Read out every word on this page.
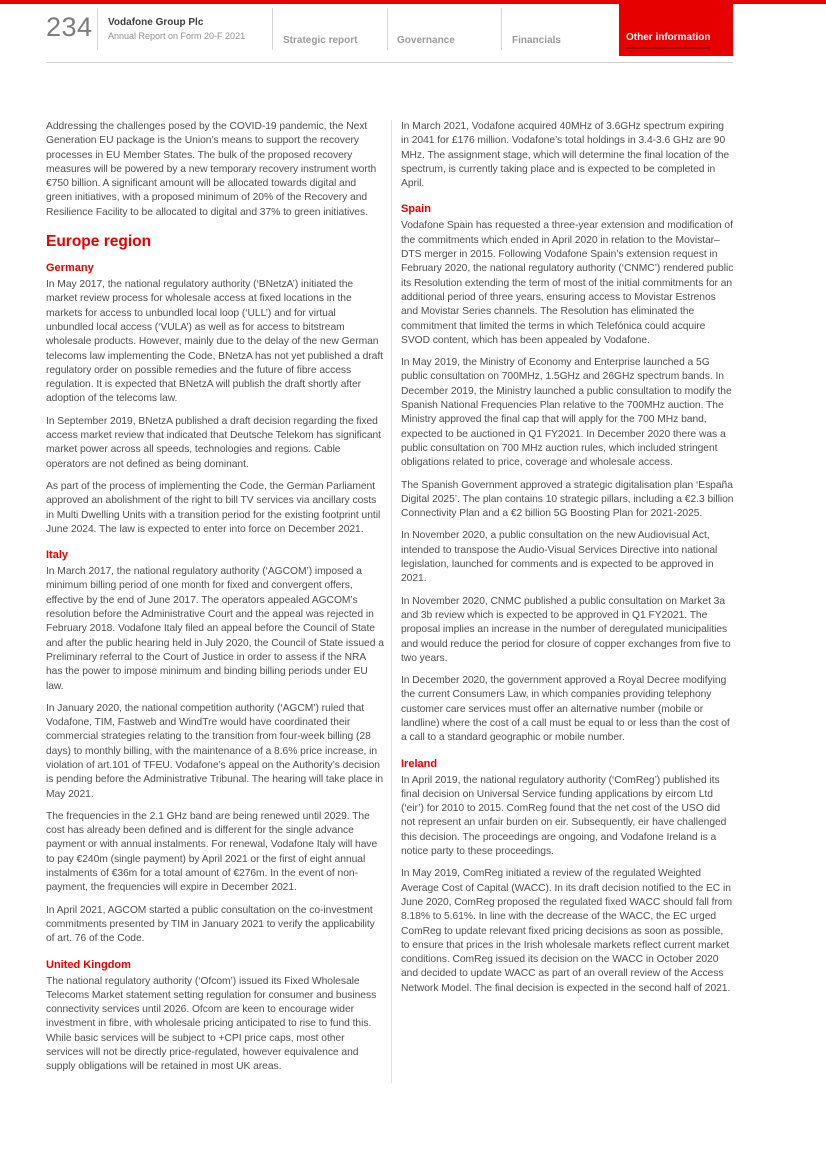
234 Vodafone Group Plc
Annual Report on Form 20-F 2021	Strategic report	Governance	Financials	Other information

Addressing the challenges posed by the COVID-19 pandemic, the Next Generation EU package is the Union’s means to support the recovery processes in EU Member States. The bulk of the proposed recovery measures will be powered by a new temporary recovery instrument worth €750 billion. A significant amount will be allocated towards digital and green initiatives, with a proposed minimum of 20% of the Recovery and Resilience Facility to be allocated to digital and 37% to green initiatives.

Europe region
Germany

In May 2017, the national regulatory authority (‘BNetzA’) initiated the market review process for wholesale access at fixed locations in the markets for access to unbundled local loop (‘ULL’) and for virtual unbundled local access (‘VULA’) as well as for access to bitstream wholesale products. However, mainly due to the delay of the new German telecoms law implementing the Code, BNetzA has not yet published a draft regulatory order on possible remedies and the future of fibre access regulation. It is expected that BNetzA will publish the draft shortly after adoption of the telecoms law.

In September 2019, BNetzA published a draft decision regarding the fixed access market review that indicated that Deutsche Telekom has significant market power across all speeds, technologies and regions. Cable operators are not defined as being dominant.

As part of the process of implementing the Code, the German Parliament approved an abolishment of the right to bill TV services via ancillary costs in Multi Dwelling Units with a transition period for the existing footprint until June 2024. The law is expected to enter into force on December 2021.

Italy

In March 2017, the national regulatory authority (‘AGCOM’) imposed a minimum billing period of one month for fixed and convergent offers, effective by the end of June 2017. The operators appealed AGCOM’s resolution before the Administrative Court and the appeal was rejected in February 2018. Vodafone Italy filed an appeal before the Council of State and after the public hearing held in July 2020, the Council of State issued a Preliminary referral to the Court of Justice in order to assess if the NRA has the power to impose minimum and binding billing periods under EU law.

In January 2020, the national competition authority (‘AGCM’) ruled that Vodafone, TIM, Fastweb and WindTre would have coordinated their commercial strategies relating to the transition from four-week billing (28 days) to monthly billing, with the maintenance of a 8.6% price increase, in violation of art.101 of TFEU. Vodafone’s appeal on the Authority’s decision is pending before the Administrative Tribunal. The hearing will take place in May 2021.

The frequencies in the 2.1 GHz band are being renewed until 2029. The cost has already been defined and is different for the single advance payment or with annual instalments. For renewal, Vodafone Italy will have to pay €240m (single payment) by April 2021 or the first of eight annual instalments of €36m for a total amount of €276m. In the event of non-payment, the frequencies will expire in December 2021.

In April 2021, AGCOM started a public consultation on the co-investment commitments presented by TIM in January 2021 to verify the applicability of art. 76 of the Code.

United Kingdom

The national regulatory authority (‘Ofcom’) issued its Fixed Wholesale Telecoms Market statement setting regulation for consumer and business connectivity services until 2026. Ofcom are keen to encourage wider investment in fibre, with wholesale pricing anticipated to rise to fund this. While basic services will be subject to +CPI price caps, most other services will not be directly price-regulated, however equivalence and supply obligations will be retained in most UK areas.

In March 2021, Vodafone acquired 40MHz of 3.6GHz spectrum expiring in 2041 for £176 million. Vodafone’s total holdings in 3.4-3.6 GHz are 90 MHz. The assignment stage, which will determine the final location of the spectrum, is currently taking place and is expected to be completed in April.

Spain

Vodafone Spain has requested a three-year extension and modification of the commitments which ended in April 2020 in relation to the Movistar–DTS merger in 2015. Following Vodafone Spain’s extension request in February 2020, the national regulatory authority (‘CNMC’) rendered public its Resolution extending the term of most of the initial commitments for an additional period of three years, ensuring access to Movistar Estrenos and Movistar Series channels. The Resolution has eliminated the commitment that limited the terms in which Telefónica could acquire SVOD content, which has been appealed by Vodafone.

In May 2019, the Ministry of Economy and Enterprise launched a 5G public consultation on 700MHz, 1.5GHz and 26GHz spectrum bands. In December 2019, the Ministry launched a public consultation to modify the Spanish National Frequencies Plan relative to the 700MHz auction. The Ministry approved the final cap that will apply for the 700 MHz band, expected to be auctioned in Q1 FY2021. In December 2020 there was a public consultation on 700 MHz auction rules, which included stringent obligations related to price, coverage and wholesale access.

The Spanish Government approved a strategic digitalisation plan ‘España Digital 2025’. The plan contains 10 strategic pillars, including a €2.3 billion Connectivity Plan and a €2 billion 5G Boosting Plan for 2021-2025.

In November 2020, a public consultation on the new Audiovisual Act, intended to transpose the Audio-Visual Services Directive into national legislation, launched for comments and is expected to be approved in 2021.

In November 2020, CNMC published a public consultation on Market 3a and 3b review which is expected to be approved in Q1 FY2021. The proposal implies an increase in the number of deregulated municipalities and would reduce the period for closure of copper exchanges from five to two years.

In December 2020, the government approved a Royal Decree modifying the current Consumers Law, in which companies providing telephony customer care services must offer an alternative number (mobile or landline) where the cost of a call must be equal to or less than the cost of a call to a standard geographic or mobile number.

Ireland

In April 2019, the national regulatory authority (‘ComReg’) published its final decision on Universal Service funding applications by eircom Ltd (‘eir’) for 2010 to 2015. ComReg found that the net cost of the USO did not represent an unfair burden on eir. Subsequently, eir have challenged this decision. The proceedings are ongoing, and Vodafone Ireland is a notice party to these proceedings.

In May 2019, ComReg initiated a review of the regulated Weighted Average Cost of Capital (WACC). In its draft decision notified to the EC in June 2020, ComReg proposed the regulated fixed WACC should fall from 8.18% to 5.61%. In line with the decrease of the WACC, the EC urged ComReg to update relevant fixed pricing decisions as soon as possible, to ensure that prices in the Irish wholesale markets reflect current market conditions. ComReg issued its decision on the WACC in October 2020 and decided to update WACC as part of an overall review of the Access Network Model. The final decision is expected in the second half of 2021.
